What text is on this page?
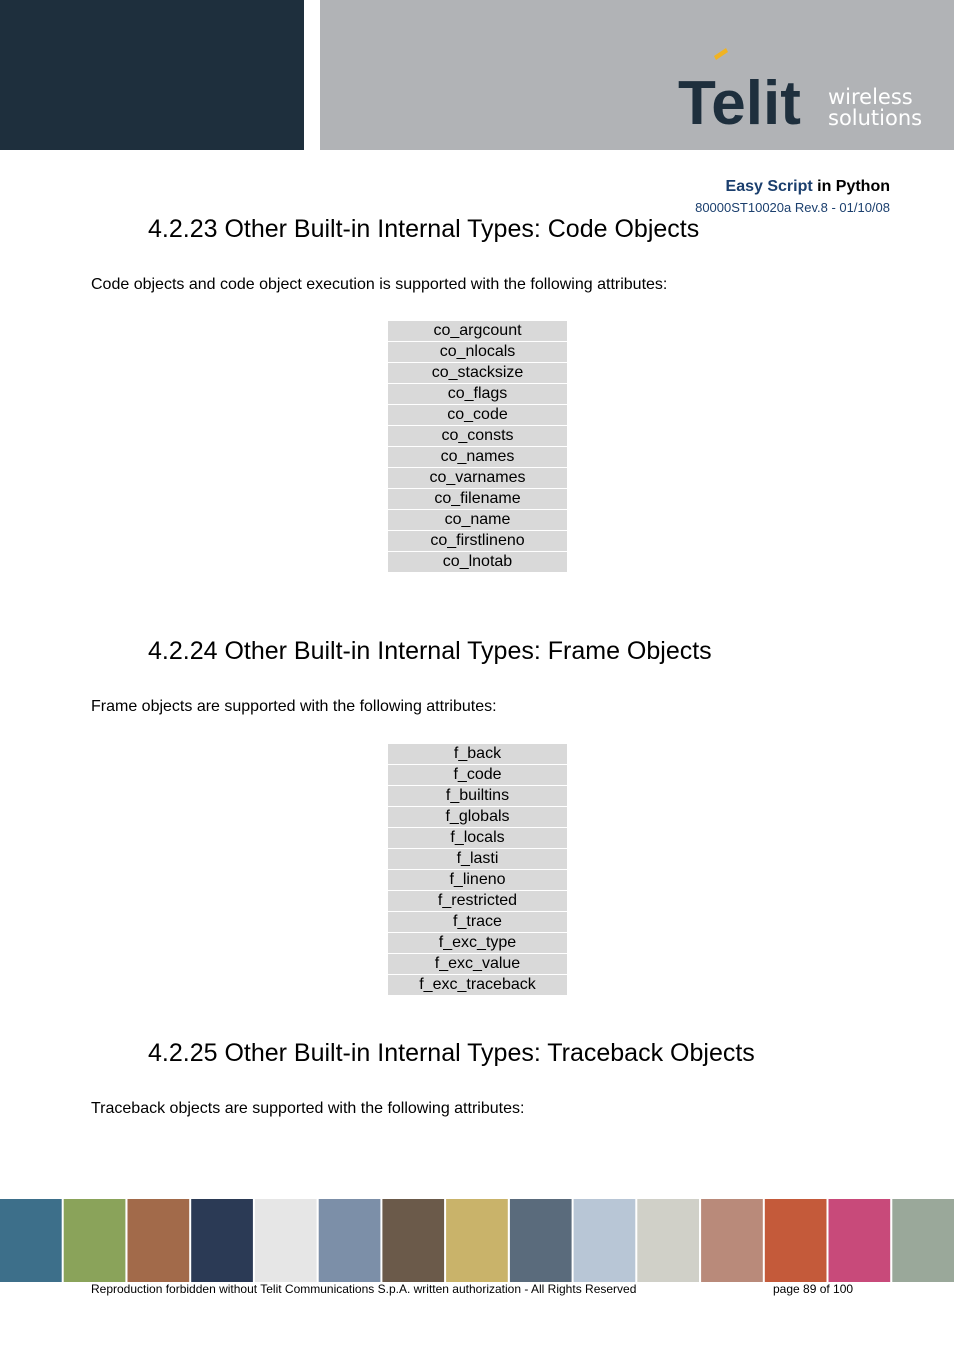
Telit wireless
solutions
Easy Script in Python
80000ST10020a Rev.8 - 01/10/08
4.2.23 Other Built-in Internal Types: Code Objects
Code objects and code object execution is supported with the following attributes:
co_argcount
co_nlocals
co_stacksize
co_flags
co_code
co_consts
co_names
co_varnames
co_filename
co_name
co_firstlineno
co_lnotab
4.2.24 Other Built-in Internal Types: Frame Objects
Frame objects are supported with the following attributes:
f_back
f_code
f_builtins
f_globals
f_locals
f_lasti
f_lineno
f_restricted
f_trace
f_exc_type
f_exc_value
f_exc_traceback
4.2.25 Other Built-in Internal Types: Traceback Objects
Traceback objects are supported with the following attributes:
Reproduction forbidden without Telit Communications S.p.A. written authorization - All Rights Reserved	page 89 of 100
